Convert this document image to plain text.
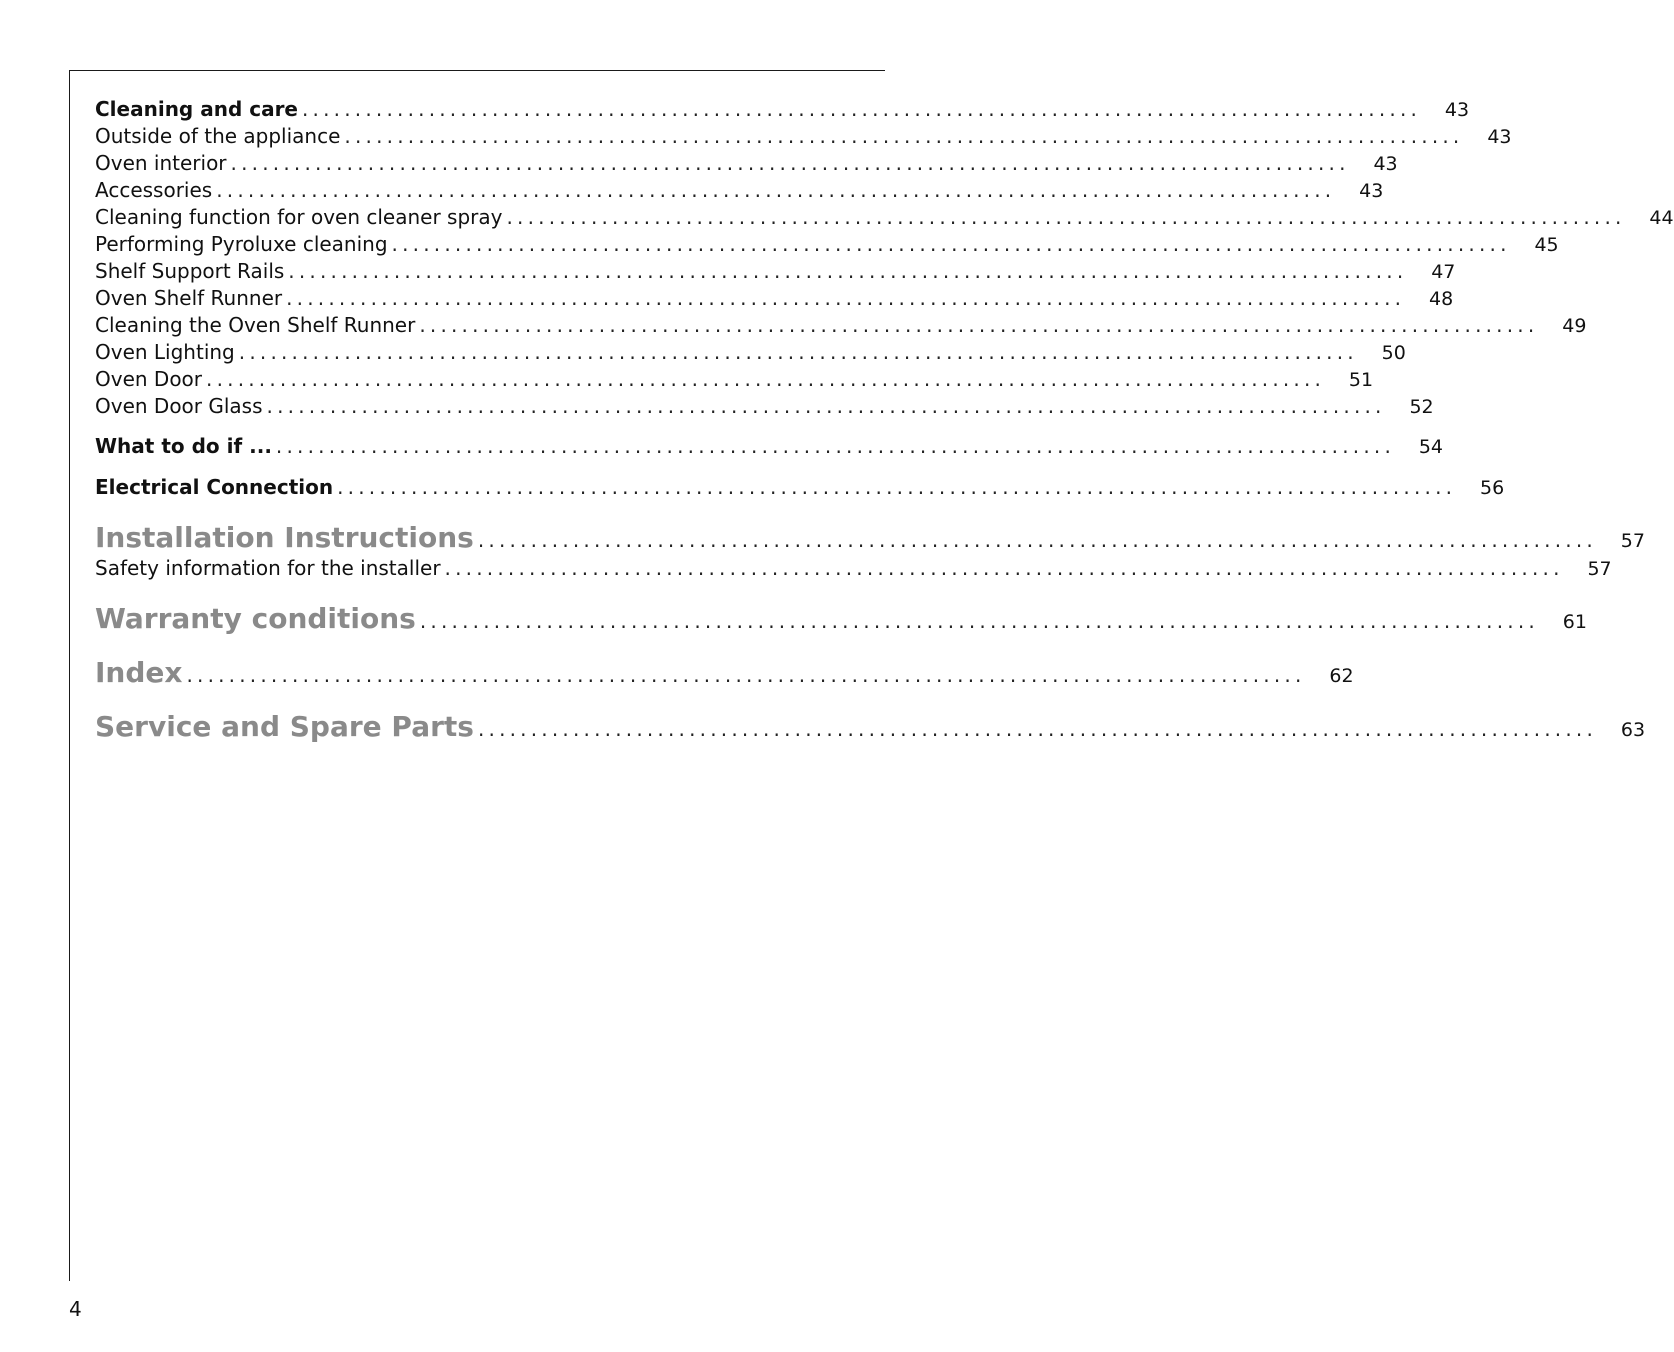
Cleaning and care ..........................................................................................................	43
Outside of the appliance ..........................................................................................................	43
Oven interior ..........................................................................................................	43
Accessories ..........................................................................................................	43
Cleaning function for oven cleaner spray ..........................................................................................................	44
Performing Pyroluxe cleaning ..........................................................................................................	45
Shelf Support Rails ..........................................................................................................	47
Oven Shelf Runner ..........................................................................................................	48
Cleaning the Oven Shelf Runner ..........................................................................................................	49
Oven Lighting ..........................................................................................................	50
Oven Door ..........................................................................................................	51
Oven Door Glass ..........................................................................................................	52
What to do if ... ..........................................................................................................	54
Electrical Connection ..........................................................................................................	56
Installation Instructions ..........................................................................................................	57
Safety information for the installer ..........................................................................................................	57
Warranty conditions ..........................................................................................................	61
Index ..........................................................................................................	62
Service and Spare Parts ..........................................................................................................	63
4
